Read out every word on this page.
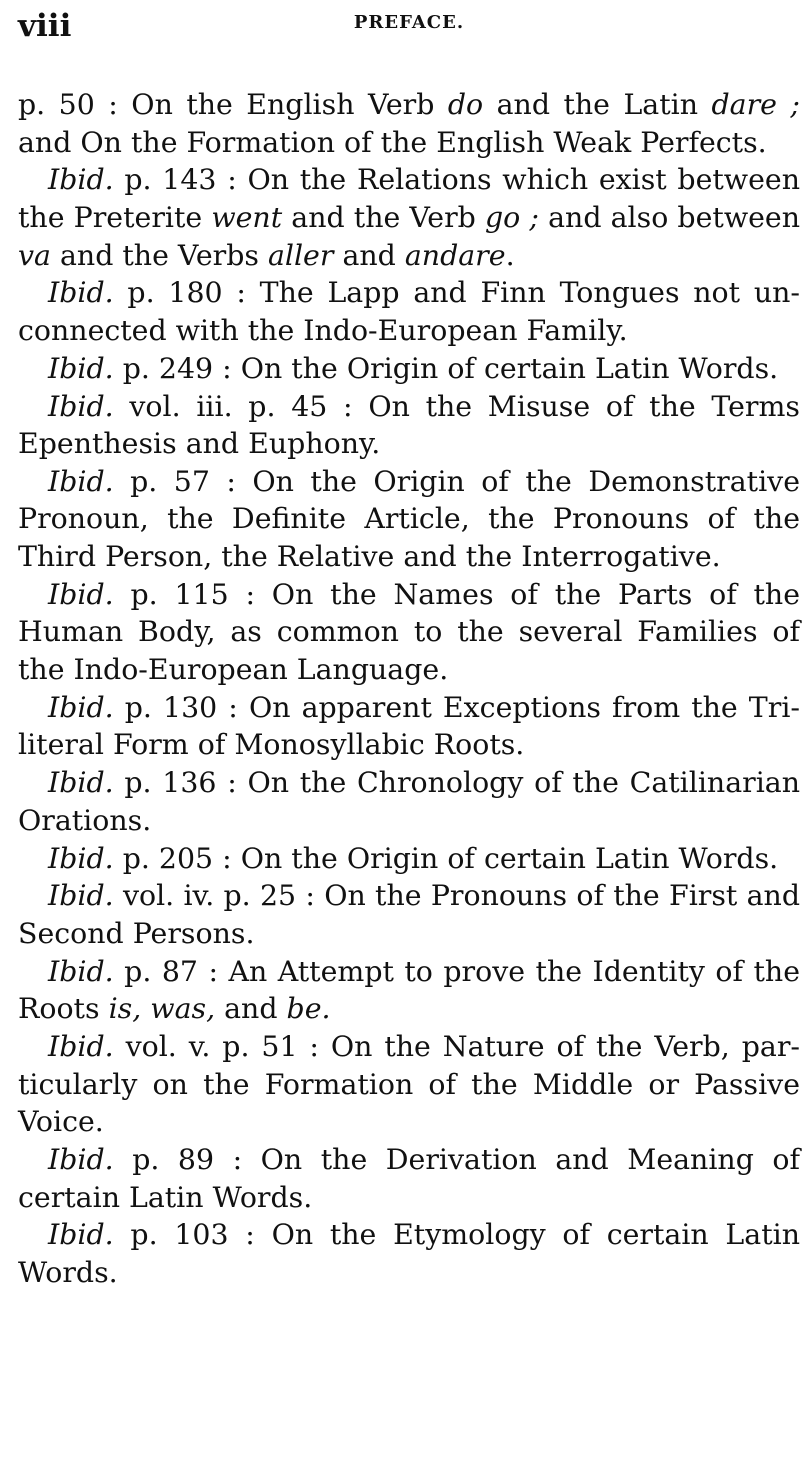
viii	PREFACE.

p. 50 : On the English Verb do and the Latin dare ; and On the Formation of the English Weak Perfects.

Ibid. p. 143 : On the Relations which exist between the Preterite went and the Verb go ; and also between va and the Verbs aller and andare.

Ibid. p. 180 : The Lapp and Finn Tongues not un-connected with the Indo-European Family.

Ibid. p. 249 : On the Origin of certain Latin Words.

Ibid. vol. iii. p. 45 : On the Misuse of the Terms Epenthesis and Euphony.

Ibid. p. 57 : On the Origin of the Demonstrative Pronoun, the Definite Article, the Pronouns of the Third Person, the Relative and the Interrogative.

Ibid. p. 115 : On the Names of the Parts of the Human Body, as common to the several Families of the Indo-European Language.

Ibid. p. 130 : On apparent Exceptions from the Tri-literal Form of Monosyllabic Roots.

Ibid. p. 136 : On the Chronology of the Catilinarian Orations.

Ibid. p. 205 : On the Origin of certain Latin Words.

Ibid. vol. iv. p. 25 : On the Pronouns of the First and Second Persons.

Ibid. p. 87 : An Attempt to prove the Identity of the Roots is, was, and be.

Ibid. vol. v. p. 51 : On the Nature of the Verb, par-ticularly on the Formation of the Middle or Passive Voice.

Ibid. p. 89 : On the Derivation and Meaning of certain Latin Words.

Ibid. p. 103 : On the Etymology of certain Latin Words.
